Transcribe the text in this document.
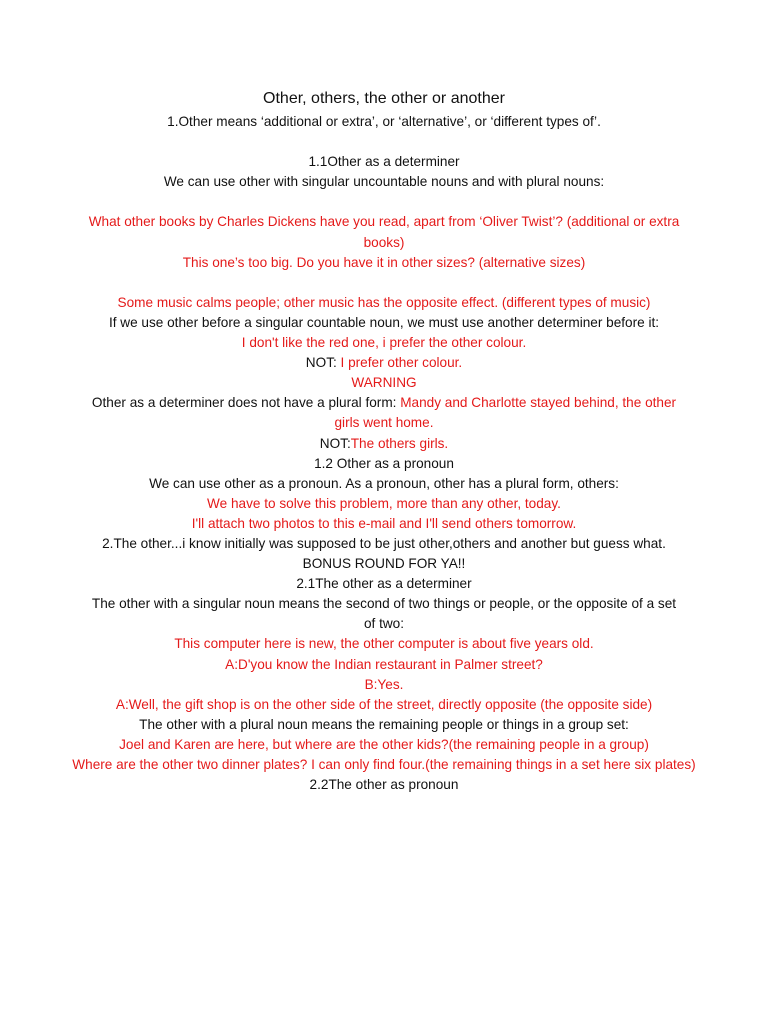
Other, others, the other or another

1.Other means ‘additional or extra’, or ‘alternative’, or ‘different types of’.

1.1Other as a determiner

We can use other with singular uncountable nouns and with plural nouns:

What other books by Charles Dickens have you read, apart from ‘Oliver Twist’? (additional or extra books)

This one’s too big. Do you have it in other sizes? (alternative sizes)

Some music calms people; other music has the opposite effect. (different types of music)

If we use other before a singular countable noun, we must use another determiner before it:

I don't like the red one, i prefer the other colour.

NOT: I prefer other colour.

WARNING

Other as a determiner does not have a plural form: Mandy and Charlotte stayed behind, the other girls went home.

NOT:The others girls.

1.2 Other as a pronoun

We can use other as a pronoun. As a pronoun, other has a plural form, others:

We have to solve this problem, more than any other, today.

I'll attach two photos to this e-mail and I'll send others tomorrow.

2.The other...i know initially was supposed to be just other,others and another but guess what.

BONUS ROUND FOR YA!!

2.1The other as a determiner

The other with a singular noun means the second of two things or people, or the opposite of a set of two:

This computer here is new, the other computer is about five years old.

A:D'you know the Indian restaurant in Palmer street?

B:Yes.

A:Well, the gift shop is on the other side of the street, directly opposite (the opposite side)

The other with a plural noun means the remaining people or things in a group set:

Joel and Karen are here, but where are the other kids?(the remaining people in a group)

Where are the other two dinner plates? I can only find four.(the remaining things in a set here six plates)

2.2The other as pronoun
